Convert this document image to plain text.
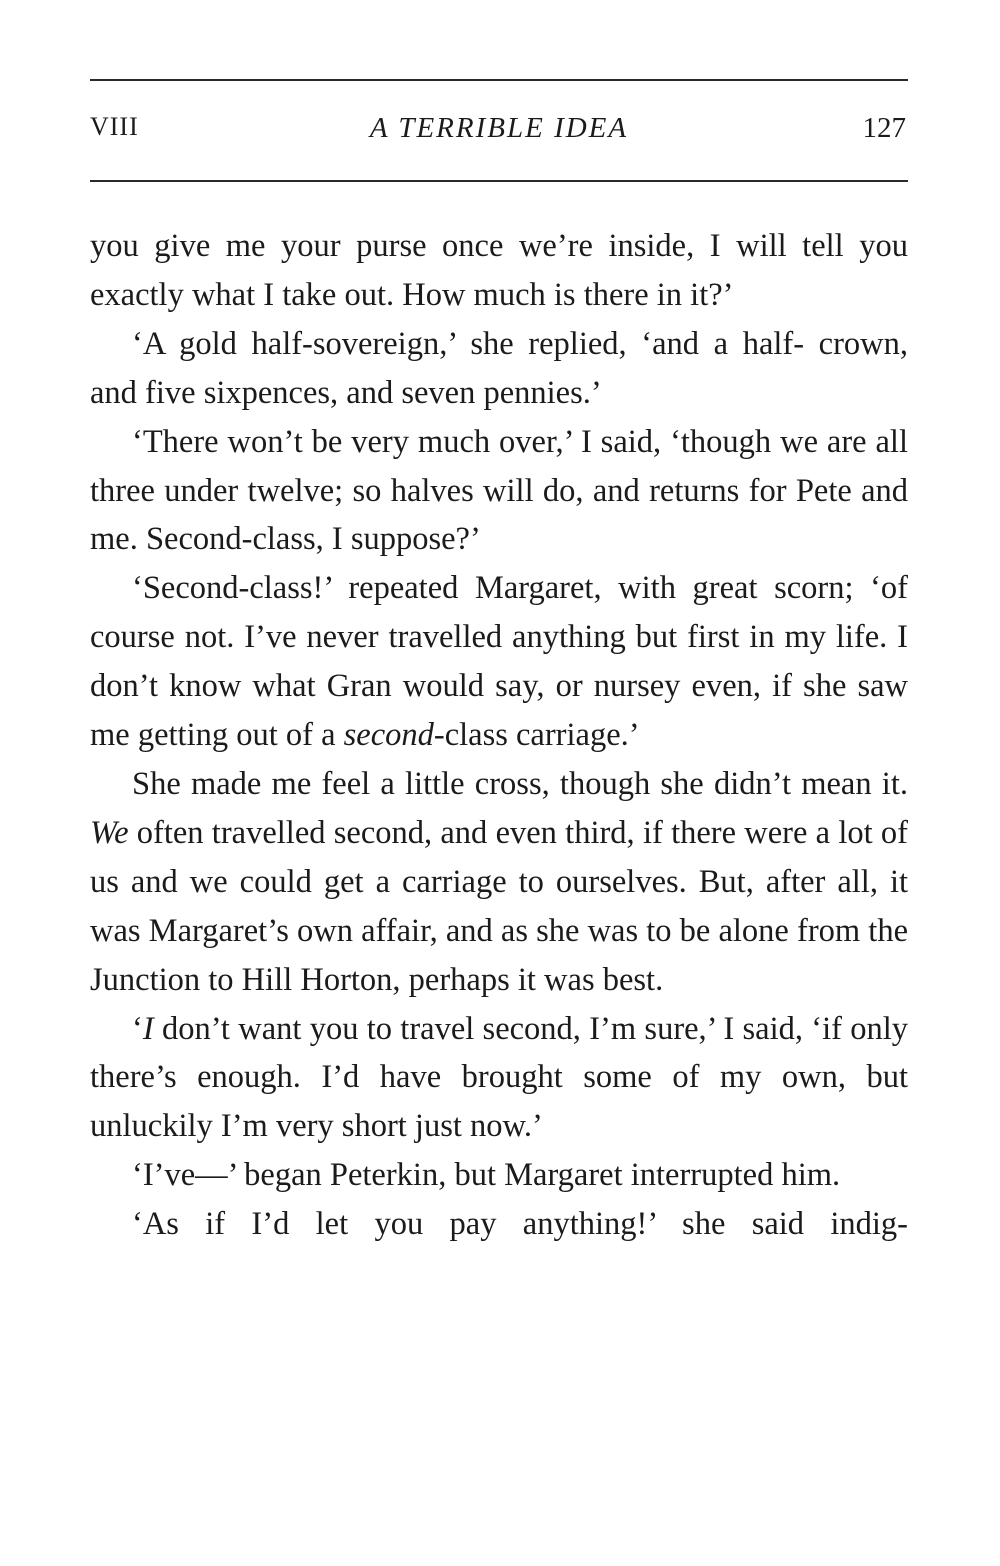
VIII	A TERRIBLE IDEA	127

you give me your purse once we’re inside, I will tell you exactly what I take out. How much is there in it?’

‘A gold half-sovereign,’ she replied, ‘and a half- crown, and five sixpences, and seven pennies.’

‘There won’t be very much over,’ I said, ‘though we are all three under twelve; so halves will do, and returns for Pete and me. Second-class, I suppose?’

‘Second-class!’ repeated Margaret, with great scorn; ‘of course not. I’ve never travelled anything but first in my life. I don’t know what Gran would say, or nursey even, if she saw me getting out of a second-class carriage.’

She made me feel a little cross, though she didn’t mean it. We often travelled second, and even third, if there were a lot of us and we could get a carriage to ourselves. But, after all, it was Margaret’s own affair, and as she was to be alone from the Junction to Hill Horton, perhaps it was best.

‘I don’t want you to travel second, I’m sure,’ I said, ‘if only there’s enough. I’d have brought some of my own, but unluckily I’m very short just now.’

‘I’ve—’ began Peterkin, but Margaret interrupted him.

‘As if I’d let you pay anything!’ she said indig-
